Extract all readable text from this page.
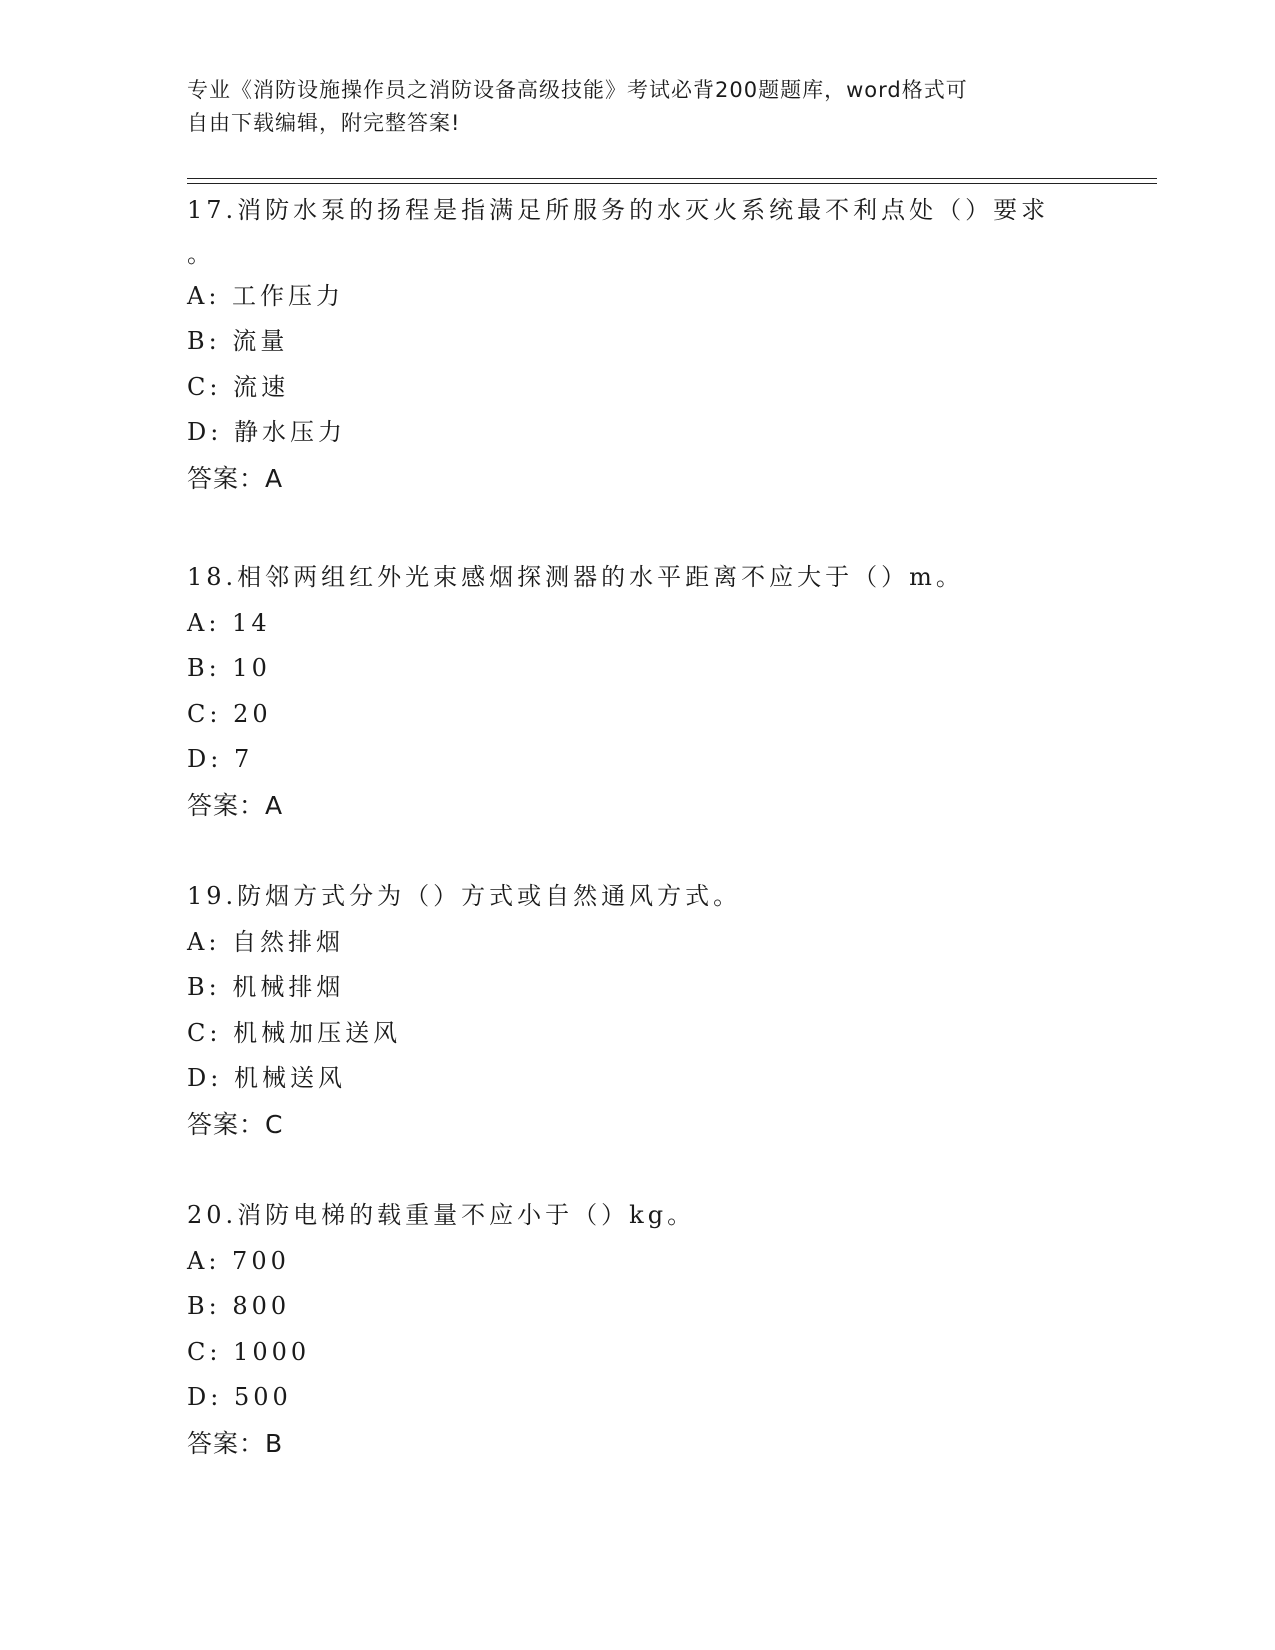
专业《消防设施操作员之消防设备高级技能》考试必背200题题库，word格式可
自由下载编辑，附完整答案!
17.消防水泵的扬程是指满足所服务的水灭火系统最不利点处（）要求
。
A: 工作压力
B: 流量
C: 流速
D: 静水压力
答案：A
18.相邻两组红外光束感烟探测器的水平距离不应大于（）m。
A: 14
B: 10
C: 20
D: 7
答案：A
19.防烟方式分为（）方式或自然通风方式。
A: 自然排烟
B: 机械排烟
C: 机械加压送风
D: 机械送风
答案：C
20.消防电梯的载重量不应小于（）kg。
A: 700
B: 800
C: 1000
D: 500
答案：B
